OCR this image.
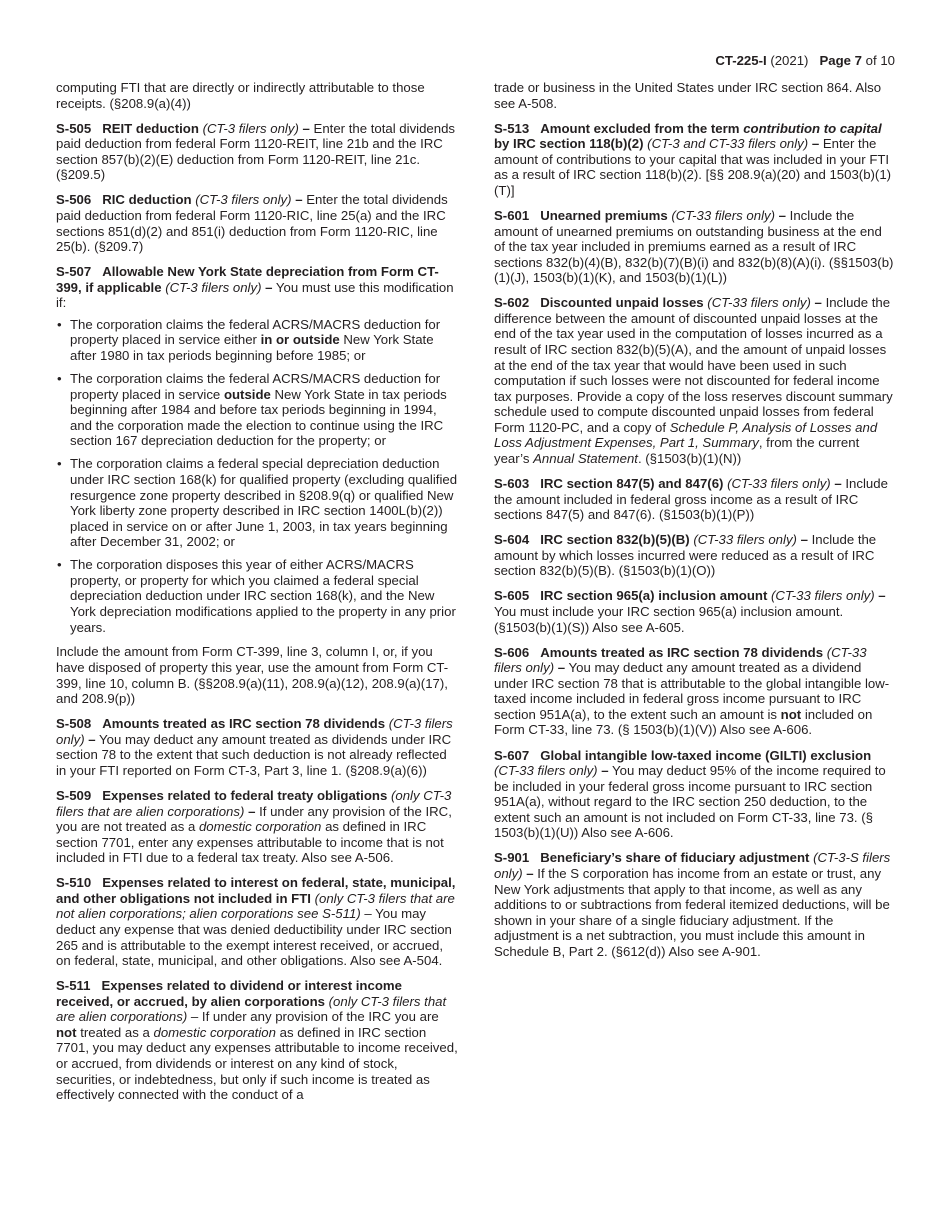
CT-225-I (2021) Page 7 of 10

computing FTI that are directly or indirectly attributable to those receipts. (§208.9(a)(4))

S-505 REIT deduction (CT-3 filers only) – Enter the total dividends paid deduction from federal Form 1120-REIT, line 21b and the IRC section 857(b)(2)(E) deduction from Form 1120-REIT, line 21c. (§209.5)

S-506 RIC deduction (CT-3 filers only) – Enter the total dividends paid deduction from federal Form 1120-RIC, line 25(a) and the IRC sections 851(d)(2) and 851(i) deduction from Form 1120-RIC, line 25(b). (§209.7)

S-507 Allowable New York State depreciation from Form CT-399, if applicable (CT-3 filers only) – You must use this modification if:

• The corporation claims the federal ACRS/MACRS deduction for property placed in service either in or outside New York State after 1980 in tax periods beginning before 1985; or
• The corporation claims the federal ACRS/MACRS deduction for property placed in service outside New York State in tax periods beginning after 1984 and before tax periods beginning in 1994, and the corporation made the election to continue using the IRC section 167 depreciation deduction for the property; or
• The corporation claims a federal special depreciation deduction under IRC section 168(k) for qualified property (excluding qualified resurgence zone property described in §208.9(q) or qualified New York liberty zone property described in IRC section 1400L(b)(2)) placed in service on or after June 1, 2003, in tax years beginning after December 31, 2002; or
• The corporation disposes this year of either ACRS/MACRS property, or property for which you claimed a federal special depreciation deduction under IRC section 168(k), and the New York depreciation modifications applied to the property in any prior years.

Include the amount from Form CT-399, line 3, column I, or, if you have disposed of property this year, use the amount from Form CT-399, line 10, column B. (§§208.9(a)(11), 208.9(a)(12), 208.9(a)(17), and 208.9(p))

S-508 Amounts treated as IRC section 78 dividends (CT-3 filers only) – You may deduct any amount treated as dividends under IRC section 78 to the extent that such deduction is not already reflected in your FTI reported on Form CT-3, Part 3, line 1. (§208.9(a)(6))

S-509 Expenses related to federal treaty obligations (only CT-3 filers that are alien corporations) – If under any provision of the IRC, you are not treated as a domestic corporation as defined in IRC section 7701, enter any expenses attributable to income that is not included in FTI due to a federal tax treaty. Also see A-506.

S-510 Expenses related to interest on federal, state, municipal, and other obligations not included in FTI (only CT-3 filers that are not alien corporations; alien corporations see S-511) – You may deduct any expense that was denied deductibility under IRC section 265 and is attributable to the exempt interest received, or accrued, on federal, state, municipal, and other obligations. Also see A-504.

S-511 Expenses related to dividend or interest income received, or accrued, by alien corporations (only CT-3 filers that are alien corporations) – If under any provision of the IRC you are not treated as a domestic corporation as defined in IRC section 7701, you may deduct any expenses attributable to income received, or accrued, from dividends or interest on any kind of stock, securities, or indebtedness, but only if such income is treated as effectively connected with the conduct of a

trade or business in the United States under IRC section 864. Also see A-508.

S-513 Amount excluded from the term contribution to capital by IRC section 118(b)(2) (CT-3 and CT-33 filers only) – Enter the amount of contributions to your capital that was included in your FTI as a result of IRC section 118(b)(2). [§§ 208.9(a)(20) and 1503(b)(1)(T)]

S-601 Unearned premiums (CT-33 filers only) – Include the amount of unearned premiums on outstanding business at the end of the tax year included in premiums earned as a result of IRC sections 832(b)(4)(B), 832(b)(7)(B)(i) and 832(b)(8)(A)(i). (§§1503(b)(1)(J), 1503(b)(1)(K), and 1503(b)(1)(L))

S-602 Discounted unpaid losses (CT-33 filers only) – Include the difference between the amount of discounted unpaid losses at the end of the tax year used in the computation of losses incurred as a result of IRC section 832(b)(5)(A), and the amount of unpaid losses at the end of the tax year that would have been used in such computation if such losses were not discounted for federal income tax purposes. Provide a copy of the loss reserves discount summary schedule used to compute discounted unpaid losses from federal Form 1120-PC, and a copy of Schedule P, Analysis of Losses and Loss Adjustment Expenses, Part 1, Summary, from the current year’s Annual Statement. (§1503(b)(1)(N))

S-603 IRC section 847(5) and 847(6) (CT-33 filers only) – Include the amount included in federal gross income as a result of IRC sections 847(5) and 847(6). (§1503(b)(1)(P))

S-604 IRC section 832(b)(5)(B) (CT-33 filers only) – Include the amount by which losses incurred were reduced as a result of IRC section 832(b)(5)(B). (§1503(b)(1)(O))

S-605 IRC section 965(a) inclusion amount (CT-33 filers only) – You must include your IRC section 965(a) inclusion amount. (§1503(b)(1)(S)) Also see A-605.

S-606 Amounts treated as IRC section 78 dividends (CT-33 filers only) – You may deduct any amount treated as a dividend under IRC section 78 that is attributable to the global intangible low-taxed income included in federal gross income pursuant to IRC section 951A(a), to the extent such an amount is not included on Form CT-33, line 73. (§ 1503(b)(1)(V)) Also see A-606.

S-607 Global intangible low-taxed income (GILTI) exclusion (CT-33 filers only) – You may deduct 95% of the income required to be included in your federal gross income pursuant to IRC section 951A(a), without regard to the IRC section 250 deduction, to the extent such an amount is not included on Form CT-33, line 73. (§ 1503(b)(1)(U)) Also see A-606.

S-901 Beneficiary’s share of fiduciary adjustment (CT-3-S filers only) – If the S corporation has income from an estate or trust, any New York adjustments that apply to that income, as well as any additions to or subtractions from federal itemized deductions, will be shown in your share of a single fiduciary adjustment. If the adjustment is a net subtraction, you must include this amount in Schedule B, Part 2. (§612(d)) Also see A-901.
